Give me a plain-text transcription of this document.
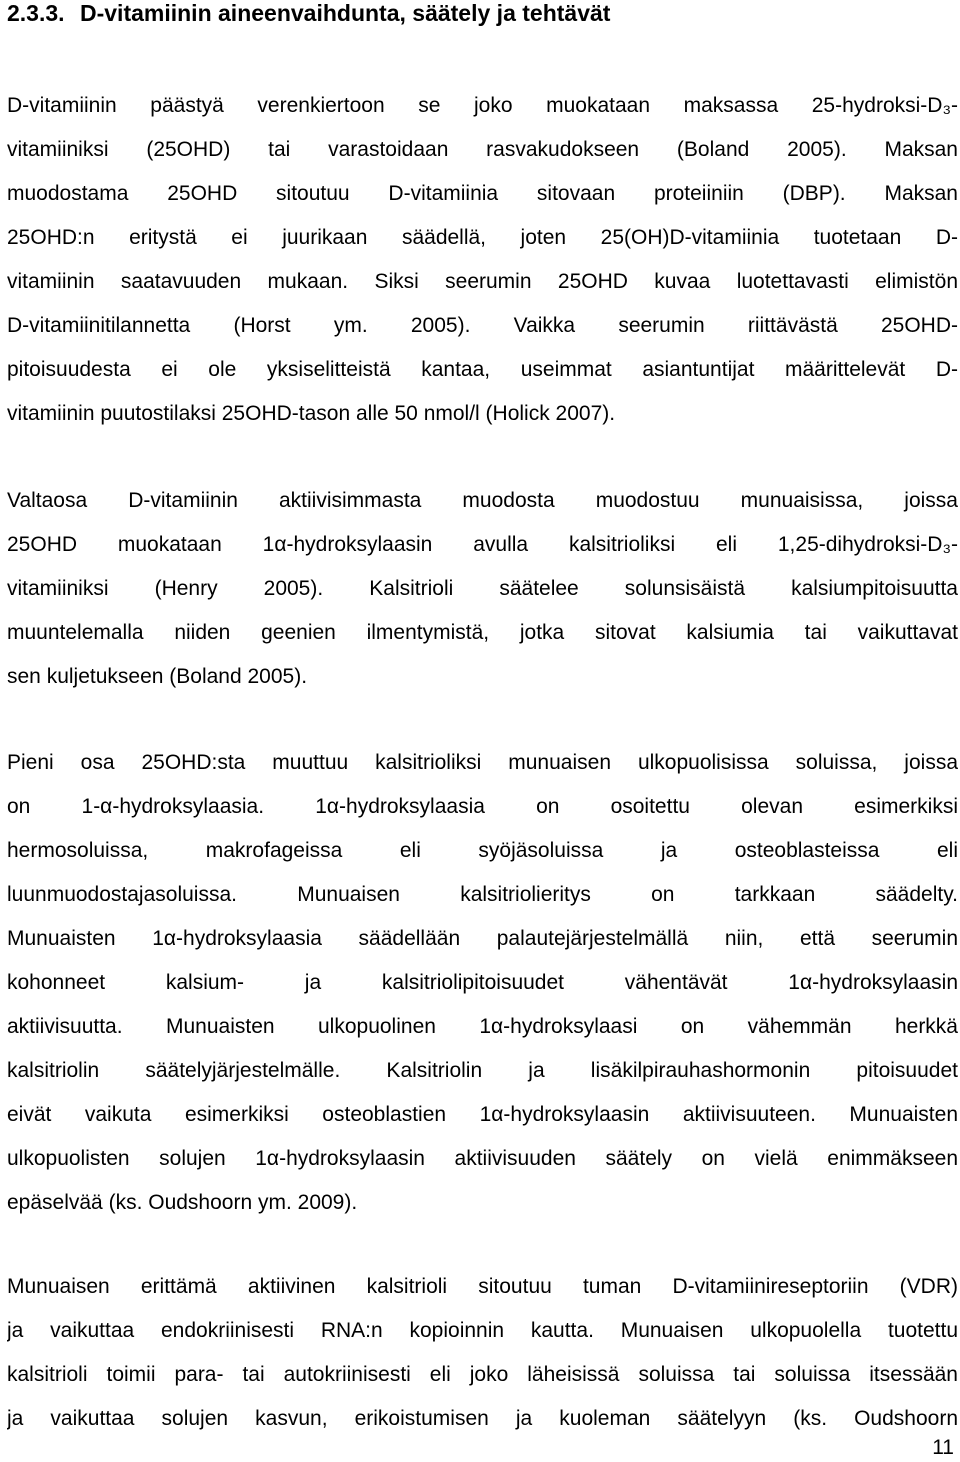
2.3.3. D-vitamiinin aineenvaihdunta, säätely ja tehtävät
D-vitamiinin päästyä verenkiertoon se joko muokataan maksassa 25-hydroksi-D₃-
vitamiiniksi (25OHD) tai varastoidaan rasvakudokseen (Boland 2005). Maksan
muodostama 25OHD sitoutuu D-vitamiinia sitovaan proteiiniin (DBP). Maksan
25OHD:n eritystä ei juurikaan säädellä, joten 25(OH)D-vitamiinia tuotetaan D-
vitamiinin saatavuuden mukaan. Siksi seerumin 25OHD kuvaa luotettavasti elimistön
D-vitamiinitilannetta (Horst ym. 2005). Vaikka seerumin riittävästä 25OHD-
pitoisuudesta ei ole yksiselitteistä kantaa, useimmat asiantuntijat määrittelevät D-
vitamiinin puutostilaksi 25OHD-tason alle 50 nmol/l (Holick 2007).
Valtaosa D-vitamiinin aktiivisimmasta muodosta muodostuu munuaisissa, joissa
25OHD muokataan 1α-hydroksylaasin avulla kalsitrioliksi eli 1,25-dihydroksi-D₃-
vitamiiniksi (Henry 2005). Kalsitrioli säätelee solunsisäistä kalsiumpitoisuutta
muuntelemalla niiden geenien ilmentymistä, jotka sitovat kalsiumia tai vaikuttavat
sen kuljetukseen (Boland 2005).
Pieni osa 25OHD:sta muuttuu kalsitrioliksi munuaisen ulkopuolisissa soluissa, joissa
on 1-α-hydroksylaasia. 1α-hydroksylaasia on osoitettu olevan esimerkiksi
hermosoluissa, makrofageissa eli syöjäsoluissa ja osteoblasteissa eli
luunmuodostajasoluissa. Munuaisen kalsitriolieritys on tarkkaan säädelty.
Munuaisten 1α-hydroksylaasia säädellään palautejärjestelmällä niin, että seerumin
kohonneet kalsium- ja kalsitriolipitoisuudet vähentävät 1α-hydroksylaasin
aktiivisuutta. Munuaisten ulkopuolinen 1α-hydroksylaasi on vähemmän herkkä
kalsitriolin säätelyjärjestelmälle. Kalsitriolin ja lisäkilpirauhashormonin pitoisuudet
eivät vaikuta esimerkiksi osteoblastien 1α-hydroksylaasin aktiivisuuteen. Munuaisten
ulkopuolisten solujen 1α-hydroksylaasin aktiivisuuden säätely on vielä enimmäkseen
epäselvää (ks. Oudshoorn ym. 2009).
Munuaisen erittämä aktiivinen kalsitrioli sitoutuu tuman D-vitamiinireseptoriin (VDR)
ja vaikuttaa endokriinisesti RNA:n kopioinnin kautta. Munuaisen ulkopuolella tuotettu
kalsitrioli toimii para- tai autokriinisesti eli joko läheisissä soluissa tai soluissa itsessään
ja vaikuttaa solujen kasvun, erikoistumisen ja kuoleman säätelyyn (ks. Oudshoorn
11
